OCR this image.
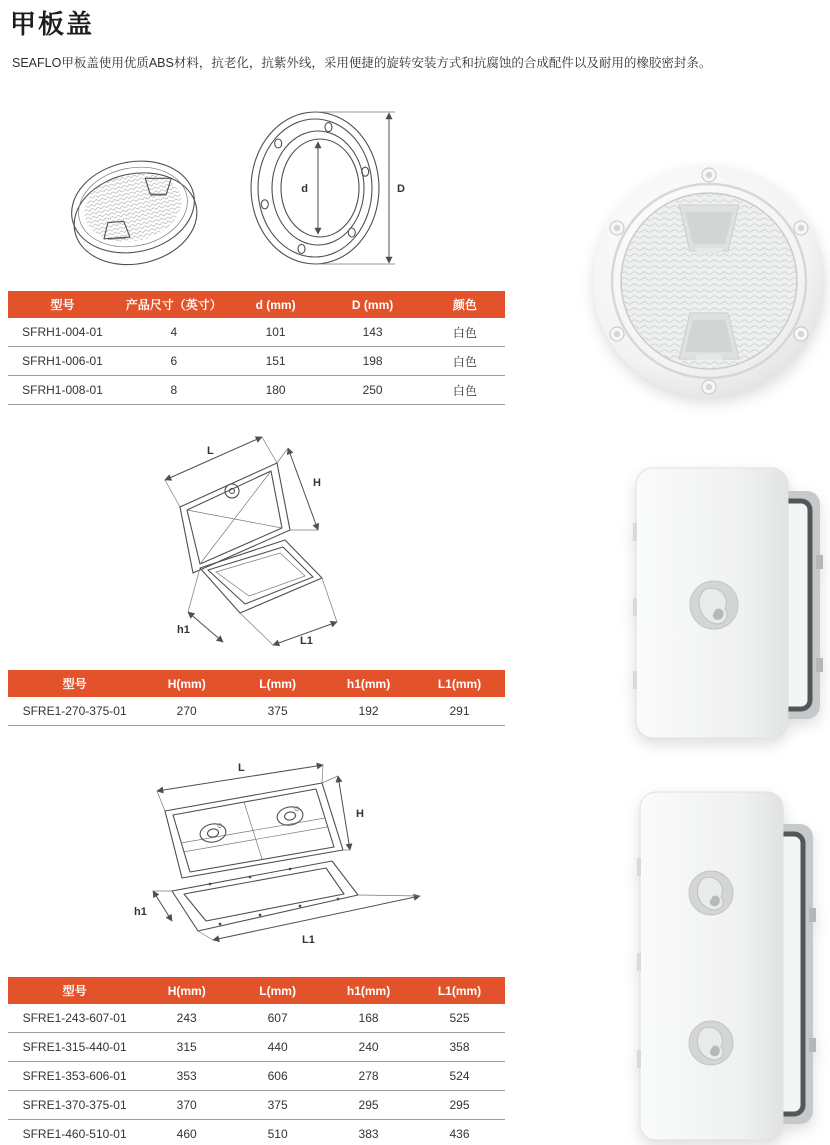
甲板盖

SEAFLO甲板盖使用优质ABS材料，抗老化，抗紫外线，采用便捷的旋转安装方式和抗腐蚀的合成配件以及耐用的橡胶密封条。

d	D
型号	产品尺寸（英寸）	d (mm)	D (mm)	颜色
SFRH1-004-01	4	101	143	白色
SFRH1-006-01	6	151	198	白色
SFRH1-008-01	8	180	250	白色
L
H
h1
L1
型号	H(mm)	L(mm)	h1(mm)	L1(mm)
SFRE1-270-375-01	270	375	192	291
L
H
h1
L1
型号	H(mm)	L(mm)	h1(mm)	L1(mm)
SFRE1-243-607-01	243	607	168	525
SFRE1-315-440-01	315	440	240	358
SFRE1-353-606-01	353	606	278	524
SFRE1-370-375-01	370	375	295	295
SFRE1-460-510-01	460	510	383	436
